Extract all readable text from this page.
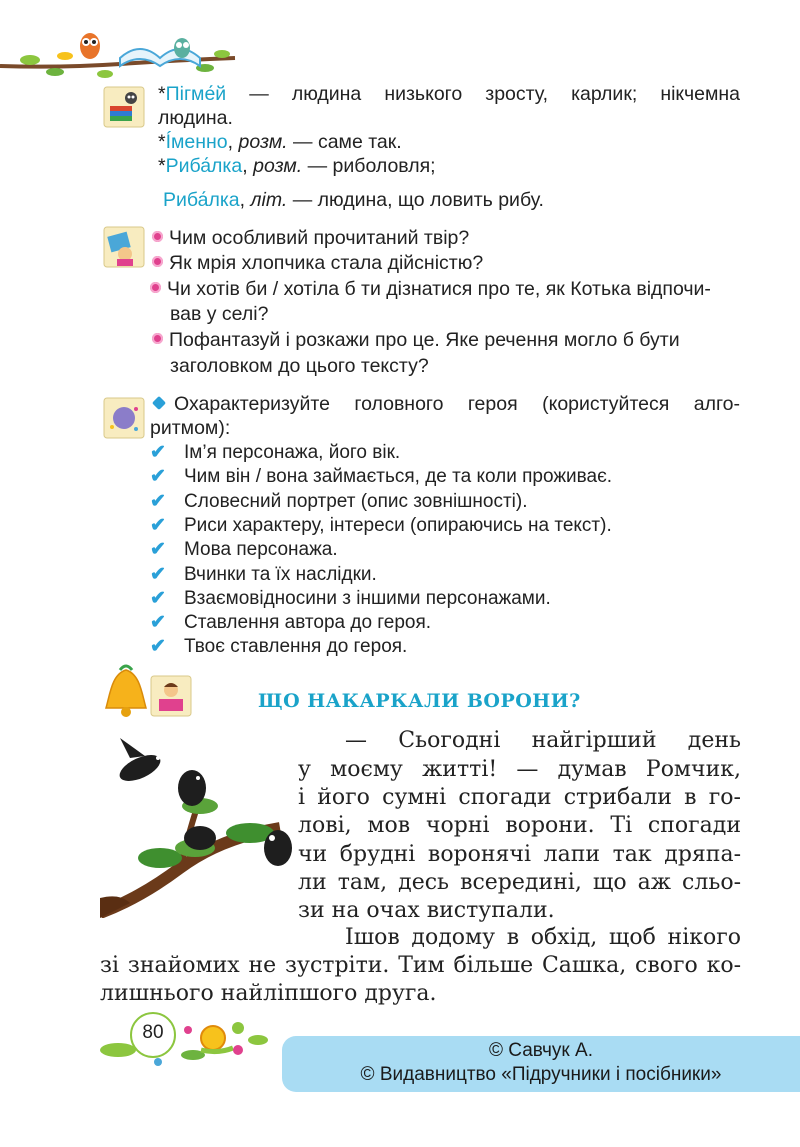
*Пігме́й — людина низького зросту, карлик; нікчемна
людина.
*Íменно, розм. — саме так.
*Риба́лка, розм. — риболовля;
Риба́лка, літ. — людина, що ловить рибу.
Чим особливий прочитаний твір?
Як мрія хлопчика стала дійсністю?
Чи хотів би / хотіла б ти дізнатися про те, як Котька відпочи-
вав у селі?
Пофантазуй і розкажи про це. Яке речення могло б бути
заголовком до цього тексту?
Охарактеризуйте головного героя (користуйтеся алго-
ритмом):
✔ Ім’я персонажа, його вік.
✔ Чим він / вона займається, де та коли проживає.
✔ Словесний портрет (опис зовнішності).
✔ Риси характеру, інтереси (опираючись на текст).
✔ Мова персонажа.
✔ Вчинки та їх наслідки.
✔ Взаємовідносини з іншими персонажами.
✔ Ставлення автора до героя.
✔ Твоє ставлення до героя.
ЩО НАКАРКАЛИ ВОРОНИ?
— Сьогодні найгірший день
у моєму житті! — думав Ромчик,
і його сумні спогади стрибали в го-
лові, мов чорні ворони. Ті спогади
чи брудні воронячі лапи так дряпа-
ли там, десь всередині, що аж сльо-
зи на очах виступали.
Ішов додому в обхід, щоб нікого
зі знайомих не зустріти. Тим більше Сашка, свого ко-
лишнього найліпшого друга.
80
© Савчук А.
© Видавництво «Підручники і посібники»
